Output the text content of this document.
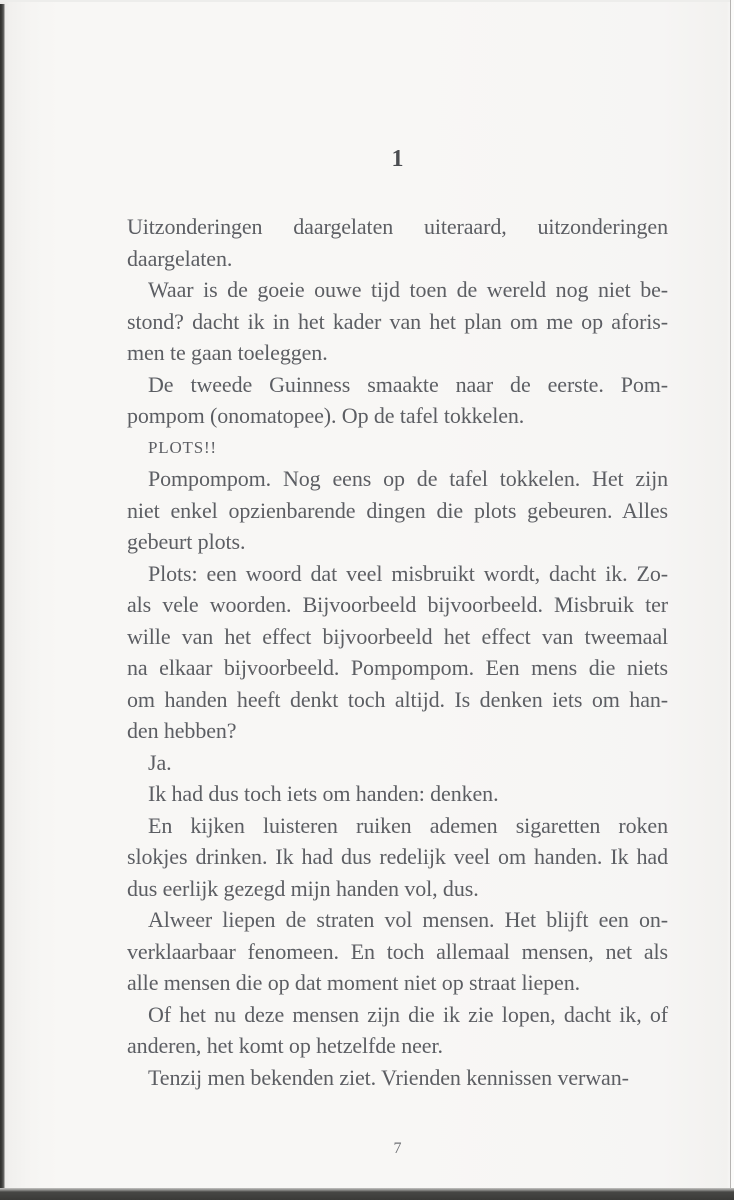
1
Uitzonderingen daargelaten uiteraard, uitzonderingen
daargelaten.
Waar is de goeie ouwe tijd toen de wereld nog niet be-
stond? dacht ik in het kader van het plan om me op aforis-
men te gaan toeleggen.
De tweede Guinness smaakte naar de eerste. Pom-
pompom (onomatopee). Op de tafel tokkelen.
PLOTS!!
Pompompom. Nog eens op de tafel tokkelen. Het zijn
niet enkel opzienbarende dingen die plots gebeuren. Alles
gebeurt plots.
Plots: een woord dat veel misbruikt wordt, dacht ik. Zo-
als vele woorden. Bijvoorbeeld bijvoorbeeld. Misbruik ter
wille van het effect bijvoorbeeld het effect van tweemaal
na elkaar bijvoorbeeld. Pompompom. Een mens die niets
om handen heeft denkt toch altijd. Is denken iets om han-
den hebben?
Ja.
Ik had dus toch iets om handen: denken.
En kijken luisteren ruiken ademen sigaretten roken
slokjes drinken. Ik had dus redelijk veel om handen. Ik had
dus eerlijk gezegd mijn handen vol, dus.
Alweer liepen de straten vol mensen. Het blijft een on-
verklaarbaar fenomeen. En toch allemaal mensen, net als
alle mensen die op dat moment niet op straat liepen.
Of het nu deze mensen zijn die ik zie lopen, dacht ik, of
anderen, het komt op hetzelfde neer.
Tenzij men bekenden ziet. Vrienden kennissen verwan-
7
